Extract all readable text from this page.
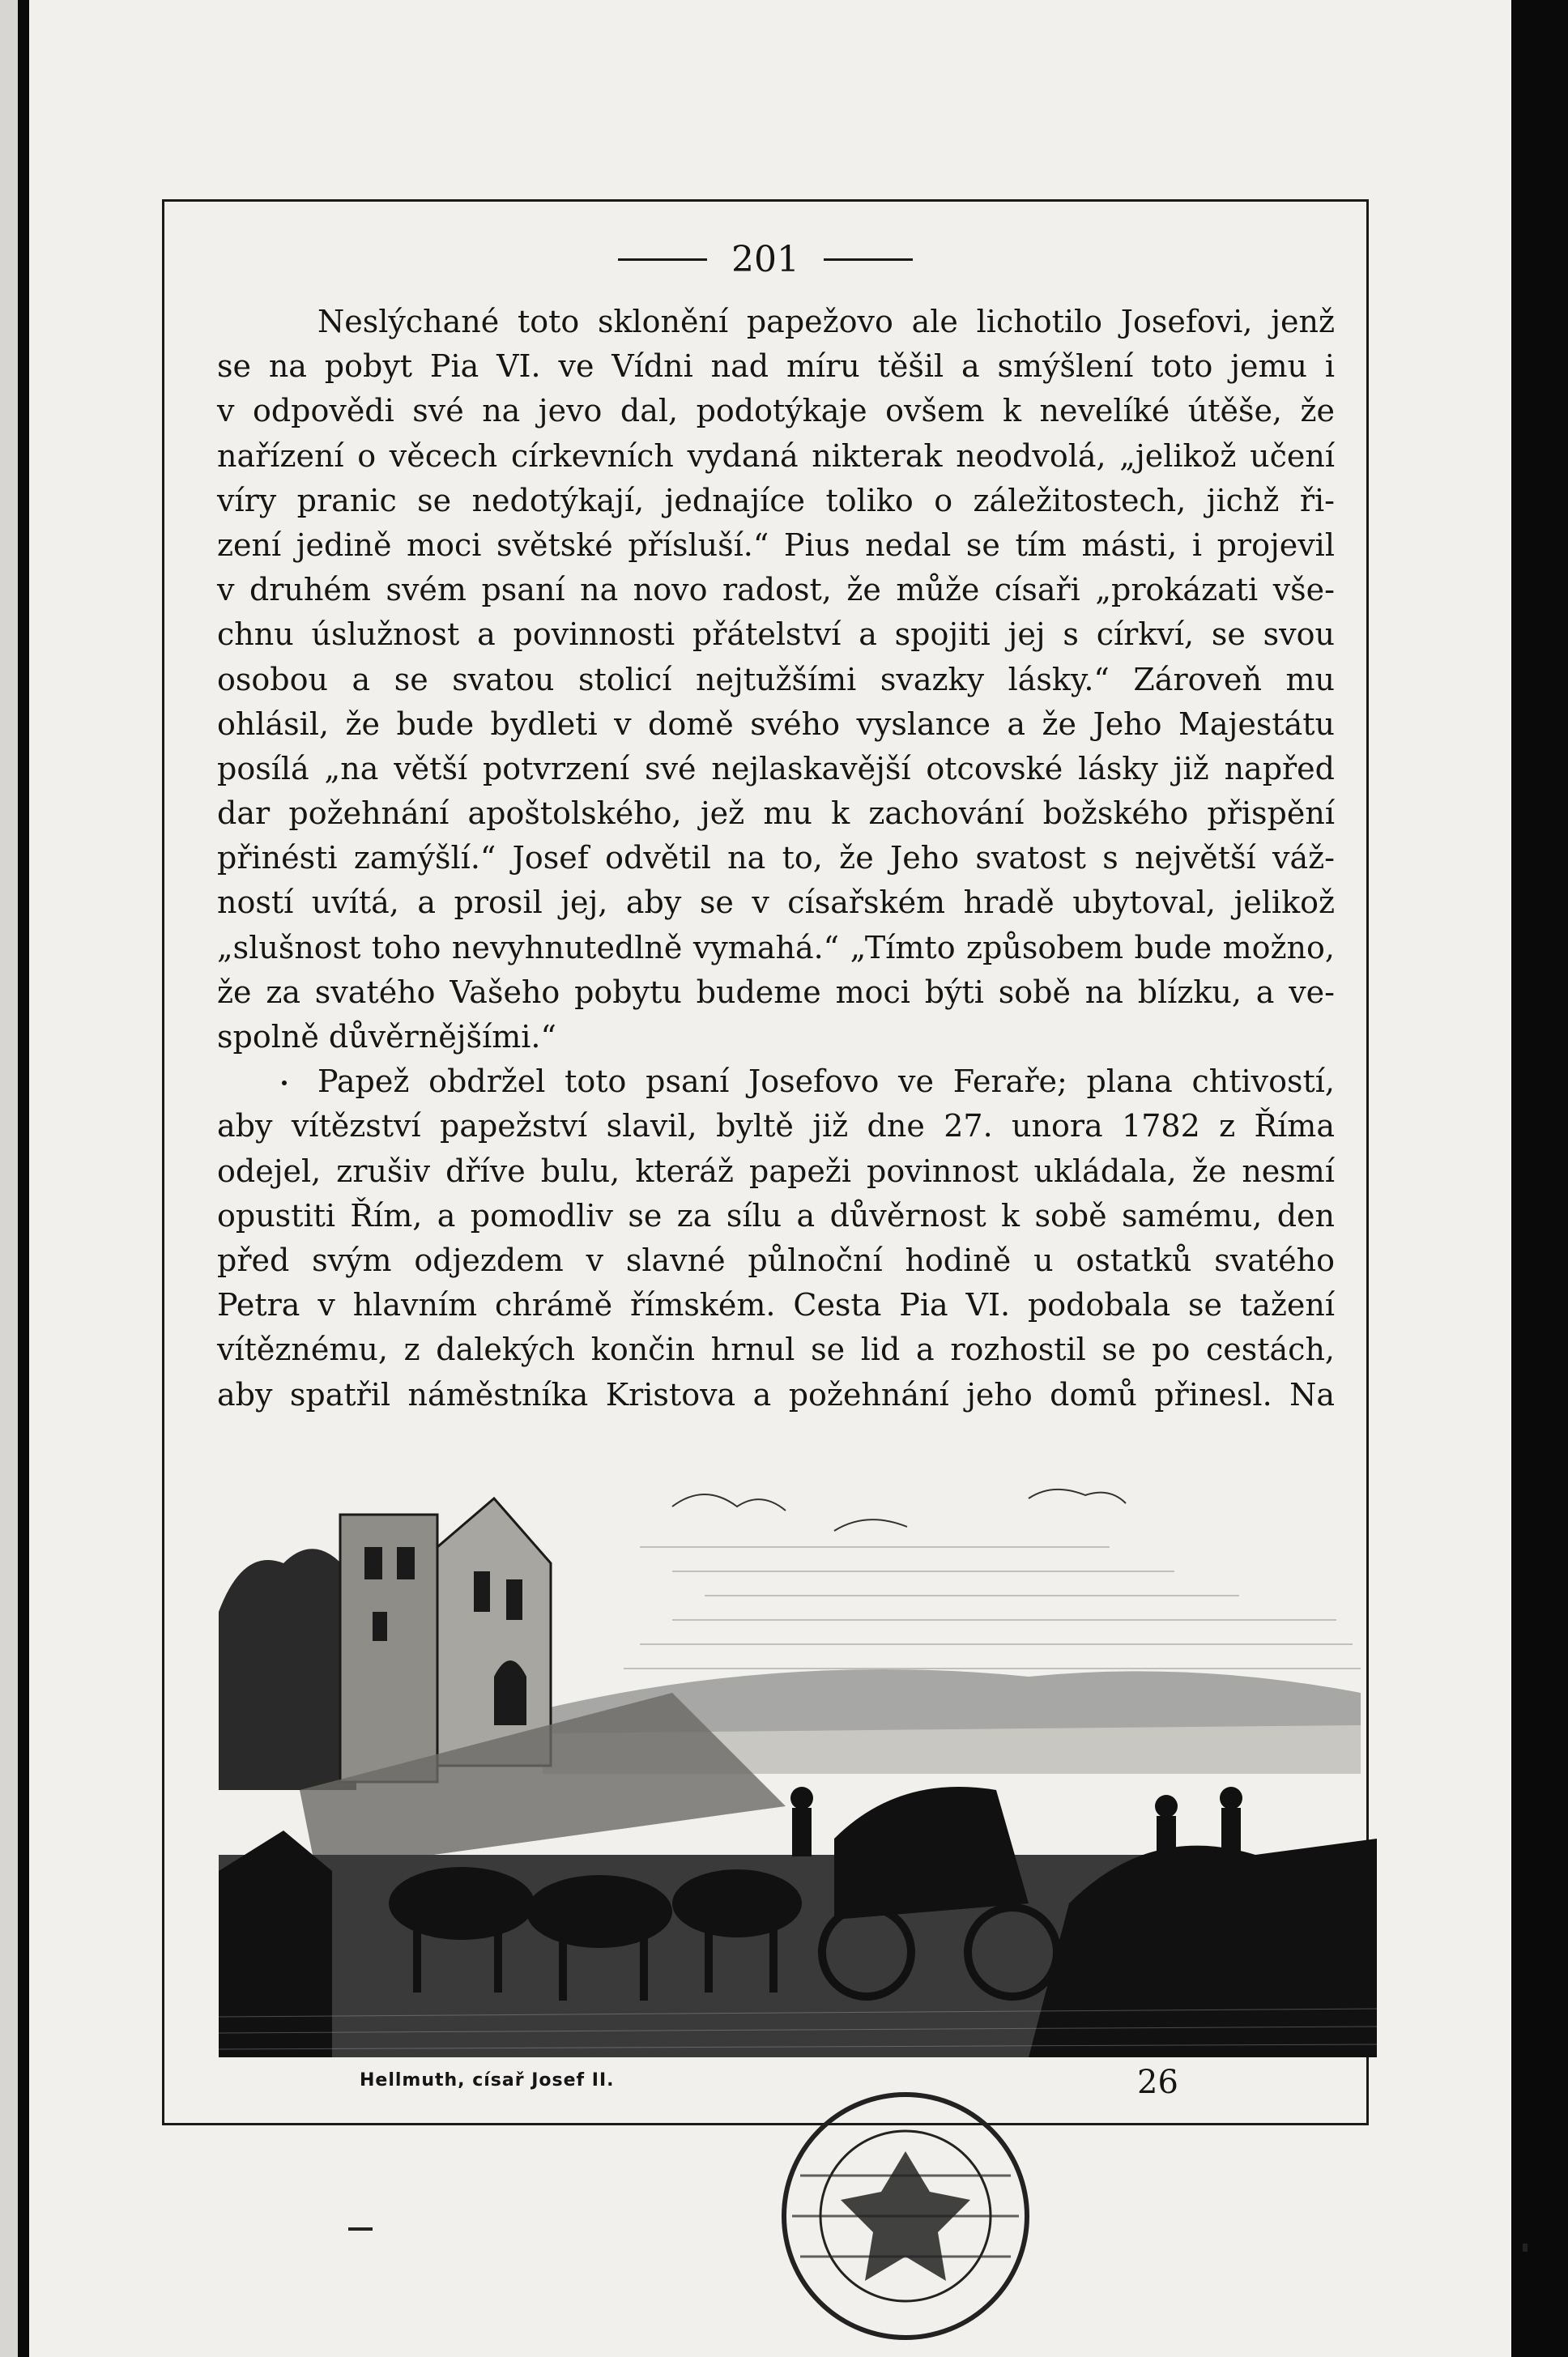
201
Neslýchané toto sklonění papežovo ale lichotilo Josefovi, jenž
se na pobyt Pia VI. ve Vídni nad míru těšil a smýšlení toto jemu i
v odpovědi své na jevo dal, podotýkaje ovšem k nevelíké útěše, že
nařízení o věcech církevních vydaná nikterak neodvolá, „jelikož učení
víry pranic se nedotýkají, jednajíce toliko o záležitostech, jichž ři-
zení jedině moci světské přísluší.“ Pius nedal se tím másti, i projevil
v druhém svém psaní na novo radost, že může císaři „prokázati vše-
chnu úslužnost a povinnosti přátelství a spojiti jej s církví, se svou
osobou a se svatou stolicí nejtužšími svazky lásky.“ Zároveň mu
ohlásil, že bude bydleti v domě svého vyslance a že Jeho Majestátu
posílá „na větší potvrzení své nejlaskavější otcovské lásky již napřed
dar požehnání apoštolského, jež mu k zachování božského přispění
přinésti zamýšlí.“ Josef odvětil na to, že Jeho svatost s největší váž-
ností uvítá, a prosil jej, aby se v císařském hradě ubytoval, jelikož
„slušnost toho nevyhnutedlně vymahá.“ „Tímto způsobem bude možno,
že za svatého Vašeho pobytu budeme moci býti sobě na blízku, a ve-
spolně důvěrnějšími.“
Papež obdržel toto psaní Josefovo ve Feraře; plana chtivostí,
aby vítězství papežství slavil, byltě již dne 27. unora 1782 z Říma
odejel, zrušiv dříve bulu, kteráž papeži povinnost ukládala, že nesmí
opustiti Řím, a pomodliv se za sílu a důvěrnost k sobě samému, den
před svým odjezdem v slavné půlnoční hodině u ostatků svatého
Petra v hlavním chrámě římském. Cesta Pia VI. podobala se tažení
vítěznému, z dalekých končin hrnul se lid a rozhostil se po cestách,
aby spatřil náměstníka Kristova a požehnání jeho domů přinesl. Na
Hellmuth, císař Josef II.	26
